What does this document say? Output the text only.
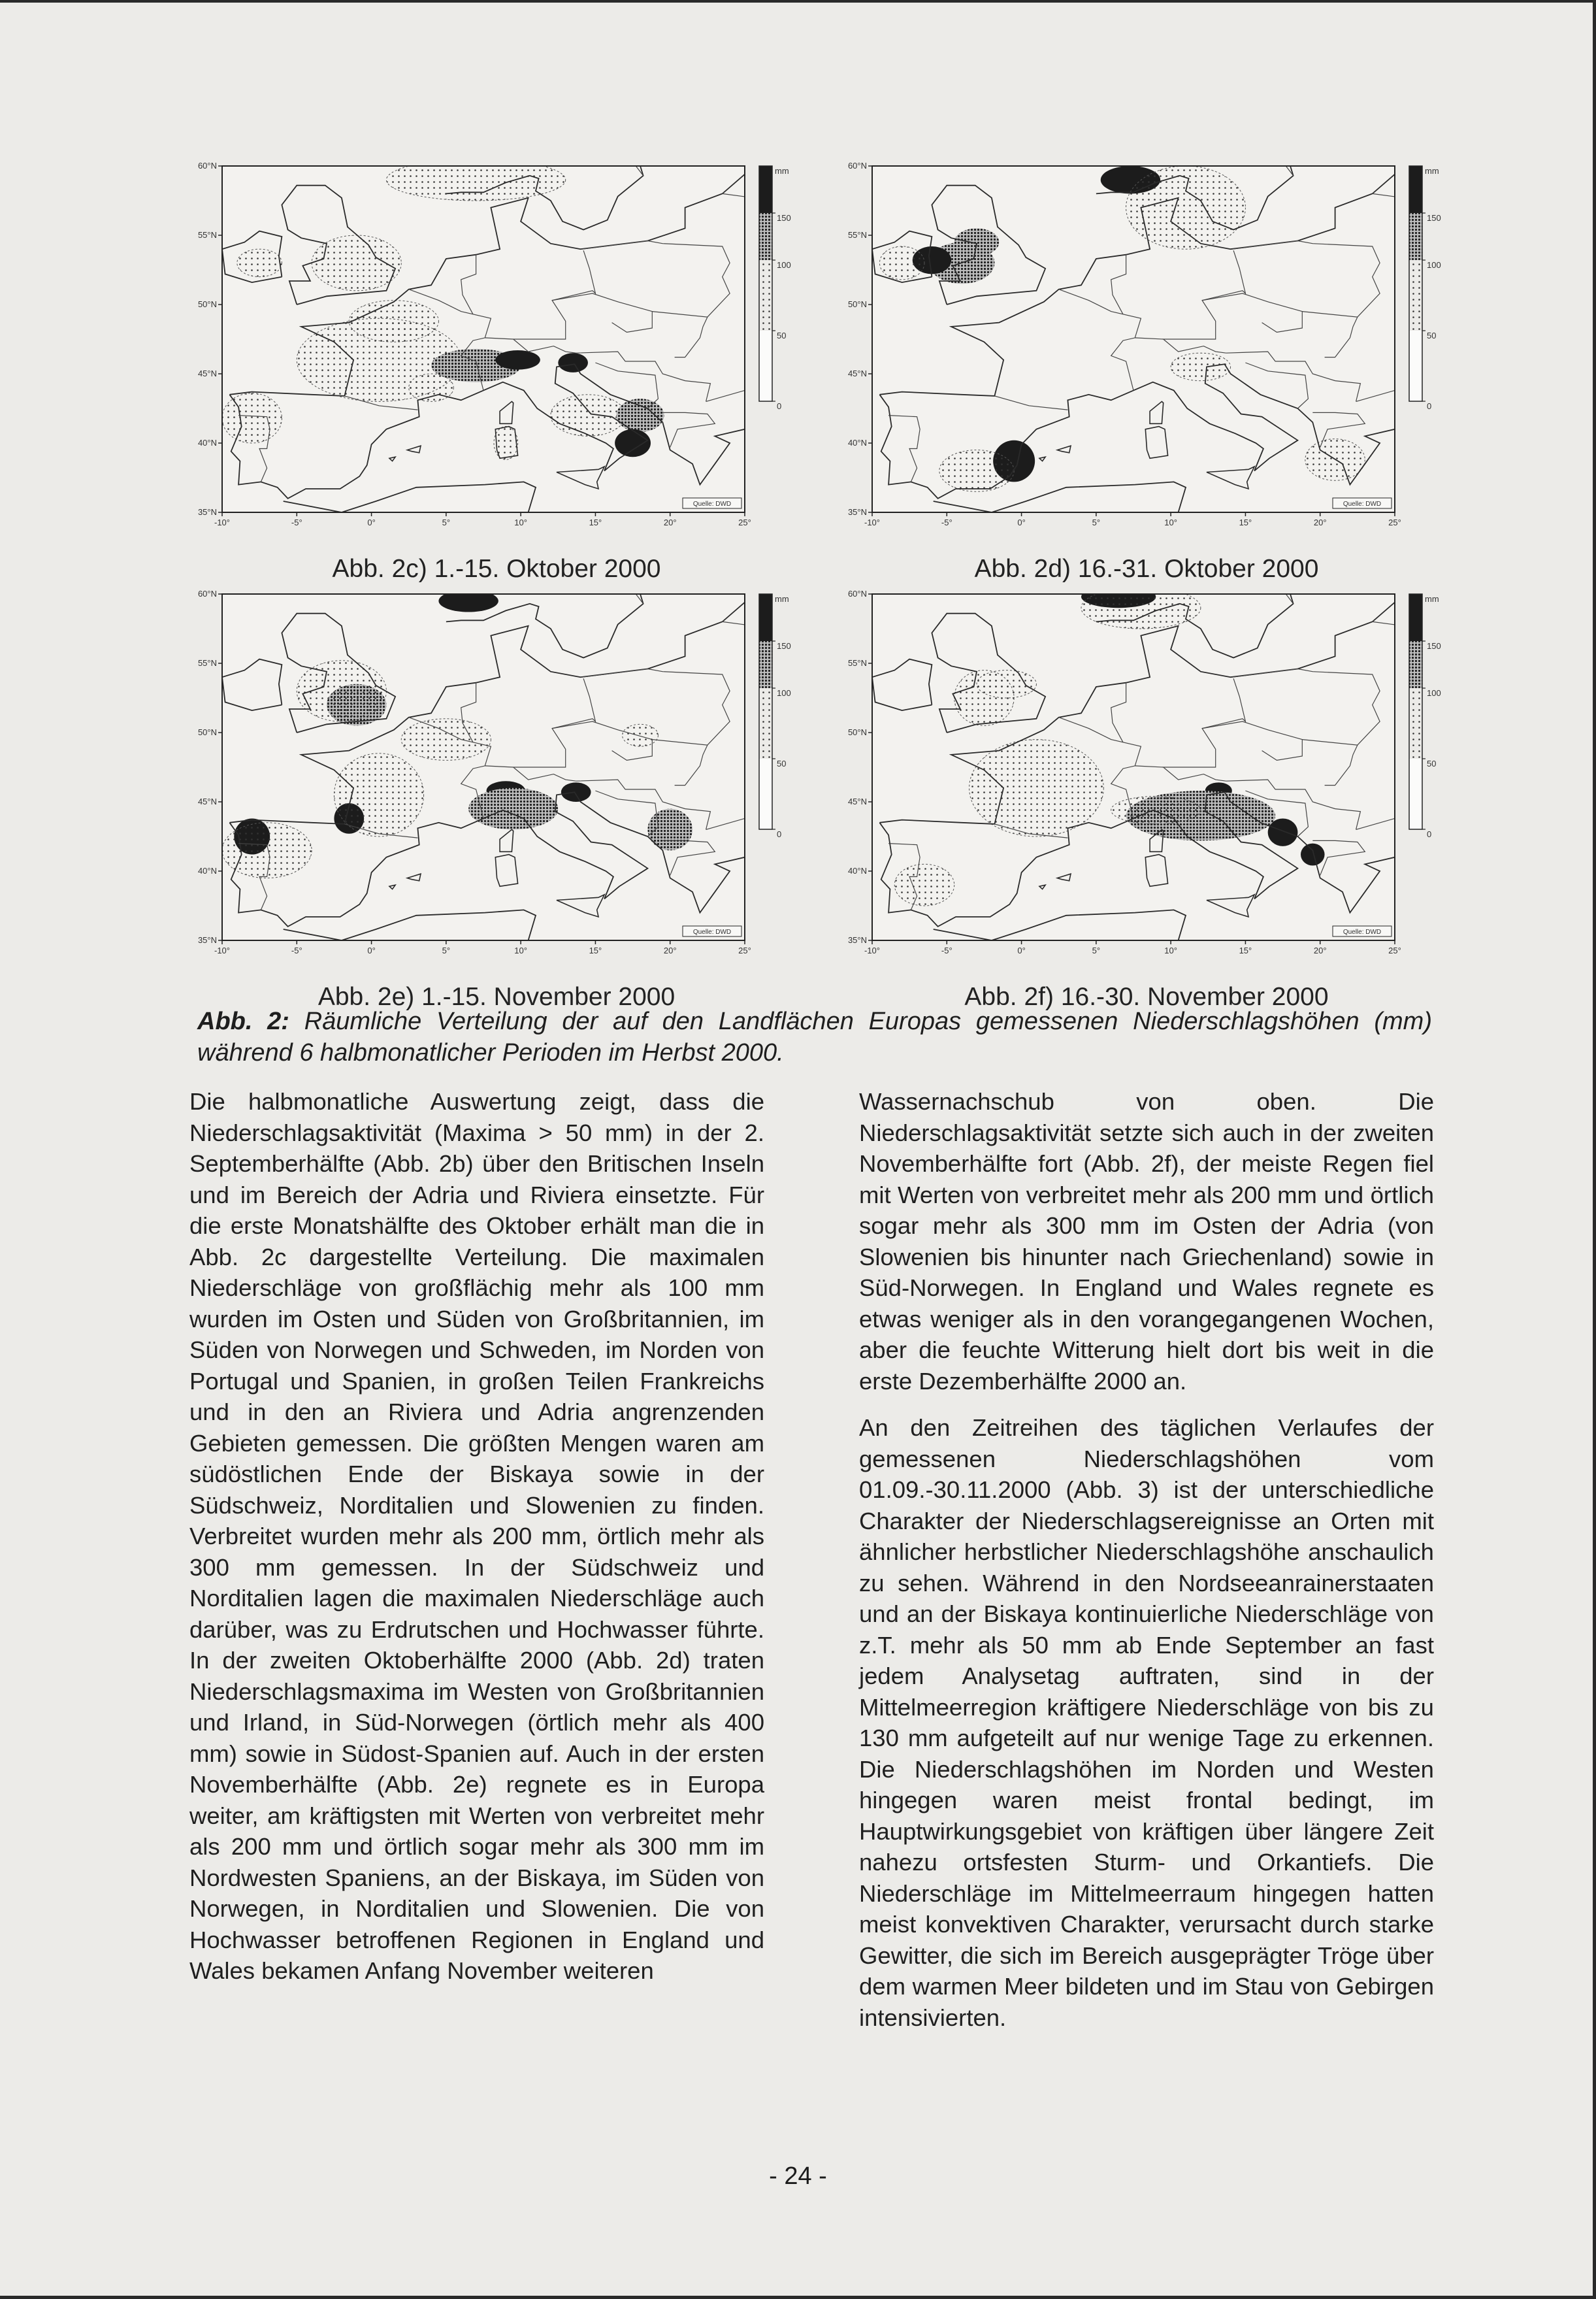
60°N
55°N
50°N
45°N
40°N
35°N
-10°	-5°	0°	5°	10°	15°	20°	25°
Quelle: DWD
mm
150
100
50
0
Abb. 2c) 1.-15. Oktober 2000
60°N
55°N
50°N
45°N
40°N
35°N
-10°	-5°	0°	5°	10°	15°	20°	25°
Quelle: DWD
mm
150
100
50
0
Abb. 2d) 16.-31. Oktober 2000
60°N
55°N
50°N
45°N
40°N
35°N
-10°	-5°	0°	5°	10°	15°	20°	25°
Quelle: DWD
mm
150
100
50
0
Abb. 2e) 1.-15. November 2000
60°N
55°N
50°N
45°N
40°N
35°N
-10°	-5°	0°	5°	10°	15°	20°	25°
Quelle: DWD
mm
150
100
50
0
Abb. 2f) 16.-30. November 2000
Abb. 2: Räumliche Verteilung der auf den Landflächen Europas gemessenen Niederschlagshöhen (mm) während 6 halbmonatlicher Perioden im Herbst 2000.

Die halbmonatliche Auswertung zeigt, dass die Niederschlagsaktivität (Maxima > 50 mm) in der 2. Septemberhälfte (Abb. 2b) über den Britischen Inseln und im Bereich der Adria und Riviera einsetzte. Für die erste Monatshälfte des Oktober erhält man die in Abb. 2c dargestellte Verteilung. Die maximalen Niederschläge von großflächig mehr als 100 mm wurden im Osten und Süden von Großbritannien, im Süden von Norwegen und Schweden, im Norden von Portugal und Spanien, in großen Teilen Frankreichs und in den an Riviera und Adria angrenzenden Gebieten gemessen. Die größten Mengen waren am südöstlichen Ende der Biskaya sowie in der Südschweiz, Norditalien und Slowenien zu finden. Verbreitet wurden mehr als 200 mm, örtlich mehr als 300 mm gemessen. In der Südschweiz und Norditalien lagen die maximalen Niederschläge auch darüber, was zu Erdrutschen und Hochwasser führte. In der zweiten Oktoberhälfte 2000 (Abb. 2d) traten Niederschlagsmaxima im Westen von Großbritannien und Irland, in Süd-Norwegen (örtlich mehr als 400 mm) sowie in Südost-Spanien auf. Auch in der ersten Novemberhälfte (Abb. 2e) regnete es in Europa weiter, am kräftigsten mit Werten von verbreitet mehr als 200 mm und örtlich sogar mehr als 300 mm im Nordwesten Spaniens, an der Biskaya, im Süden von Norwegen, in Norditalien und Slowenien. Die von Hochwasser betroffenen Regionen in England und Wales bekamen Anfang November weiteren

Wassernachschub von oben. Die Niederschlagsaktivität setzte sich auch in der zweiten Novemberhälfte fort (Abb. 2f), der meiste Regen fiel mit Werten von verbreitet mehr als 200 mm und örtlich sogar mehr als 300 mm im Osten der Adria (von Slowenien bis hinunter nach Griechenland) sowie in Süd-Norwegen. In England und Wales regnete es etwas weniger als in den vorangegangenen Wochen, aber die feuchte Witterung hielt dort bis weit in die erste Dezemberhälfte 2000 an.

An den Zeitreihen des täglichen Verlaufes der gemessenen Niederschlagshöhen vom 01.09.-30.11.2000 (Abb. 3) ist der unterschiedliche Charakter der Niederschlagsereignisse an Orten mit ähnlicher herbstlicher Niederschlagshöhe anschaulich zu sehen. Während in den Nordseeanrainerstaaten und an der Biskaya kontinuierliche Niederschläge von z.T. mehr als 50 mm ab Ende September an fast jedem Analysetag auftraten, sind in der Mittelmeerregion kräftigere Niederschläge von bis zu 130 mm aufgeteilt auf nur wenige Tage zu erkennen. Die Niederschlagshöhen im Norden und Westen hingegen waren meist frontal bedingt, im Hauptwirkungsgebiet von kräftigen über längere Zeit nahezu ortsfesten Sturm- und Orkantiefs. Die Niederschläge im Mittelmeerraum hingegen hatten meist konvektiven Charakter, verursacht durch starke Gewitter, die sich im Bereich ausgeprägter Tröge über dem warmen Meer bildeten und im Stau von Gebirgen intensivierten.

- 24 -
